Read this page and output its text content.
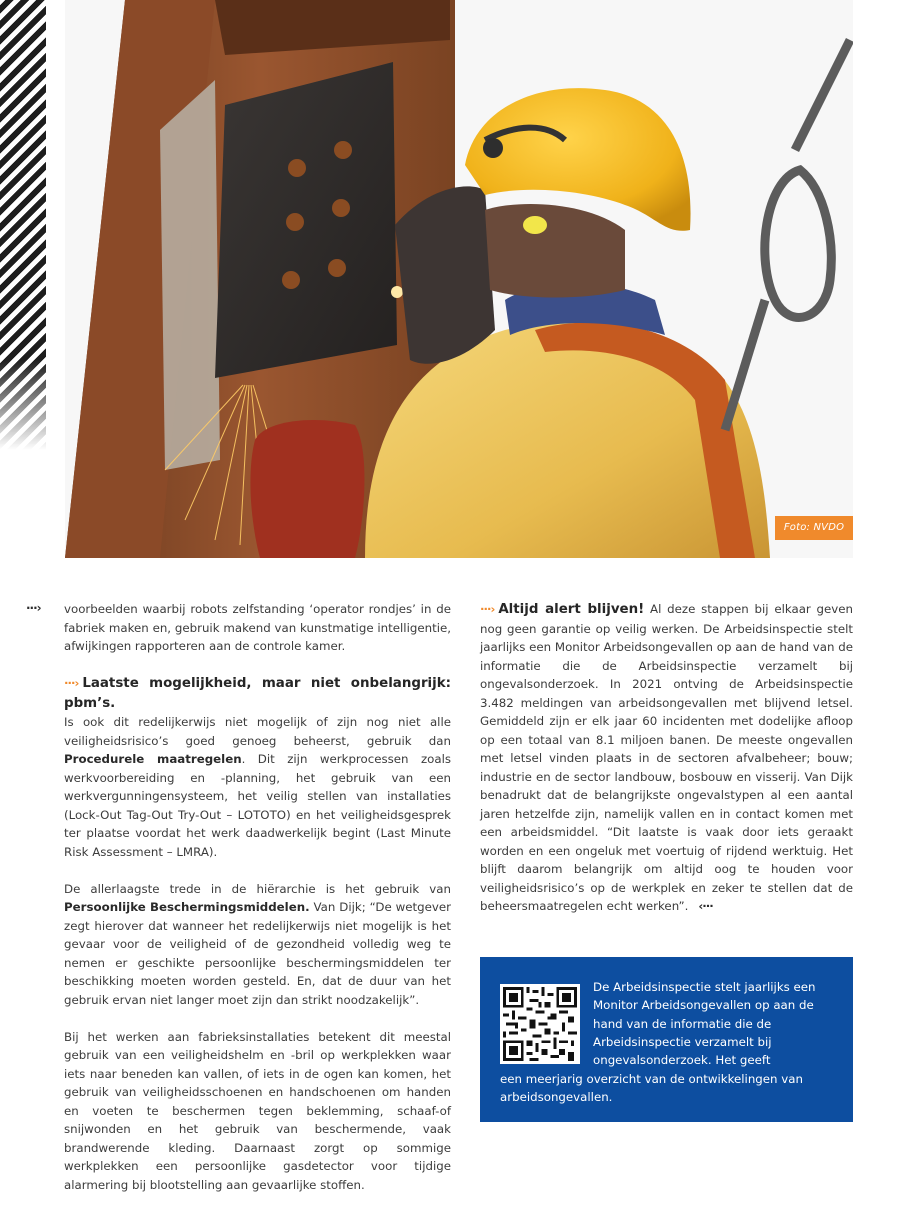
Foto: NVDO
···› voorbeelden waarbij robots zelfstanding ‘operator rondjes’ in de fabriek maken en, gebruik makend van kunstmatige intelligentie, afwijkingen rapporteren aan de controle kamer.

···› Laatste mogelijkheid, maar niet onbelangrijk: pbm’s.
Is ook dit redelijkerwijs niet mogelijk of zijn nog niet alle veiligheidsrisico’s goed genoeg beheerst, gebruik dan Procedurele maatregelen. Dit zijn werkprocessen zoals werkvoorbereiding en -planning, het gebruik van een werkvergunningensysteem, het veilig stellen van installaties (Lock-Out Tag-Out Try-Out – LOTOTO) en het veiligheidsgesprek ter plaatse voordat het werk daadwerkelijk begint (Last Minute Risk Assessment – LMRA).

De allerlaagste trede in de hiërarchie is het gebruik van Persoonlijke Beschermingsmiddelen. Van Dijk; “De wetgever zegt hierover dat wanneer het redelijkerwijs niet mogelijk is het gevaar voor de veiligheid of de gezondheid volledig weg te nemen er geschikte persoonlijke beschermingsmiddelen ter beschikking moeten worden gesteld. En, dat de duur van het gebruik ervan niet langer moet zijn dan strikt noodzakelijk”.

Bij het werken aan fabrieksinstallaties betekent dit meestal gebruik van een veiligheidshelm en -bril op werkplekken waar iets naar beneden kan vallen, of iets in de ogen kan komen, het gebruik van veiligheidsschoenen en handschoenen om handen en voeten te beschermen tegen beklemming, schaaf-of snijwonden en het gebruik van beschermende, vaak brandwerende kleding. Daarnaast zorgt op sommige werkplekken een persoonlijke gasdetector voor tijdige alarmering bij blootstelling aan gevaarlijke stoffen.

···› Altijd alert blijven! Al deze stappen bij elkaar geven nog geen garantie op veilig werken. De Arbeidsinspectie stelt jaarlijks een Monitor Arbeidsongevallen op aan de hand van de informatie die de Arbeidsinspectie verzamelt bij ongevalsonderzoek. In 2021 ontving de Arbeidsinspectie 3.482 meldingen van arbeidsongevallen met blijvend letsel. Gemiddeld zijn er elk jaar 60 incidenten met dodelijke afloop op een totaal van 8.1 miljoen banen. De meeste ongevallen met letsel vinden plaats in de sectoren afvalbeheer; bouw; industrie en de sector landbouw, bosbouw en visserij. Van Dijk benadrukt dat de belangrijkste ongevalstypen al een aantal jaren hetzelfde zijn, namelijk vallen en in contact komen met een arbeidsmiddel. “Dit laatste is vaak door iets geraakt worden en een ongeluk met voertuig of rijdend werktuig. Het blijft daarom belangrijk om altijd oog te houden voor veiligheidsrisico’s op de werkplek en zeker te stellen dat de beheersmaatregelen echt werken”. ‹···

De Arbeidsinspectie stelt jaarlijks een Monitor Arbeidsongevallen op aan de hand van de informatie die de Arbeidsinspectie verzamelt bij ongevalsonderzoek. Het geeft
een meerjarig overzicht van de ontwikkelingen van arbeidsongevallen.
